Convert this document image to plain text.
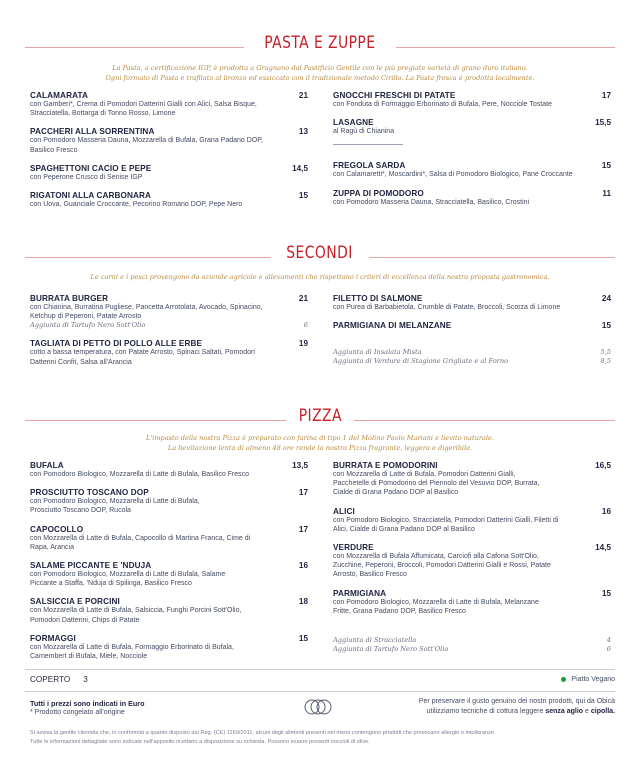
PASTA E ZUPPE
La Pasta, a certificazione IGP, è prodotta a Gragnano dal Pastificio Gentile con le più pregiate varietà di grano duro italiano.
Ogni formato di Pasta è trafilato al bronzo ed essiccato con il tradizionale metodo Cirillo. La Pasta fresca è prodotta localmente.
CALAMARATA	21
con Gamberi*, Crema di Pomodori Datterini Gialli con Alici, Salsa Bisque, Stracciatella, Bottarga di Tonno Rosso, Limone
PACCHERI ALLA SORRENTINA	13
con Pomodoro Masseria Dauna, Mozzarella di Bufala, Grana Padano DOP, Basilico Fresco
SPAGHETTONI CACIO E PEPE	14,5
con Peperone Crusco di Senise IGP
RIGATONI ALLA CARBONARA	15
con Uova, Guanciale Croccante, Pecorino Romano DOP, Pepe Nero
GNOCCHI FRESCHI DI PATATE	17
con Fonduta di Formaggio Erborinato di Bufala, Pere, Nocciole Tostate
LASAGNE	15,5
al Ragù di Chianina
FREGOLA SARDA	15
con Calamaretti*, Moscardini*, Salsa di Pomodoro Biologico, Pane Croccante
ZUPPA DI POMODORO	11
con Pomodoro Masseria Dauna, Stracciatella, Basilico, Crostini
SECONDI
Le carni e i pesci provengono da aziende agricole e allevamenti che rispettano i criteri di eccellenza della nostra proposta gastronomica.
BURRATA BURGER	21
con Chianina, Burratina Pugliese, Pancetta Arrotolata, Avocado, Spinacino, Ketchup di Peperoni, Patate Arrosto
Aggiunta di Tartufo Nero Sott'Olio	6
TAGLIATA DI PETTO DI POLLO ALLE ERBE	19
cotto a bassa temperatura, con Patate Arrosto, Spinaci Saltati, Pomodori Datterini Confit, Salsa all'Arancia
FILETTO DI SALMONE	24
con Purea di Barbabietola, Crumble di Patate, Broccoli, Scorza di Limone
PARMIGIANA DI MELANZANE	15
Aggiunta di Insalata Mista	5,5
Aggiunta di Verdure di Stagione Grigliate e al Forno	8,5
PIZZA
L'impasto della nostra Pizza è preparato con farina di tipo 1 del Molino Paolo Mariani e lievito naturale.
La lievitazione lenta di almeno 48 ore rende la nostra Pizza fragrante, leggera e digeribile.
BUFALA	13,5
con Pomodoro Biologico, Mozzarella di Latte di Bufala, Basilico Fresco
PROSCIUTTO TOSCANO DOP	17
con Pomodoro Biologico, Mozzarella di Latte di Bufala, Prosciutto Toscano DOP, Rucola
CAPOCOLLO	17
con Mozzarella di Latte di Bufala, Capocollo di Martina Franca, Cime di Rapa, Arancia
SALAME PICCANTE E 'NDUJA	16
con Pomodoro Biologico, Mozzarella di Latte di Bufala, Salame Piccante a Staffa, 'Nduja di Spilinga, Basilico Fresco
SALSICCIA E PORCINI	18
con Mozzarella di Latte di Bufala, Salsiccia, Funghi Porcini Sott'Olio, Pomodori Datterini, Chips di Patate
FORMAGGI	15
con Mozzarella di Latte di Bufala, Formaggio Erborinato di Bufala, Camembert di Bufala, Miele, Nocciole
BURRATA E POMODORINI	16,5
con Mozzarella di Latte di Bufala, Pomodori Datterini Gialli, Pacchetelle di Pomodorino del Piennolo del Vesuvio DOP, Burrata, Cialde di Grana Padano DOP al Basilico
ALICI	16
con Pomodoro Biologico, Stracciatella, Pomodori Datterini Gialli, Filetti di Alici, Cialde di Grana Padano DOP al Basilico
VERDURE	14,5
con Mozzarella di Bufala Affumicata, Carciofi alla Cafona Sott'Olio, Zucchine, Peperoni, Broccoli, Pomodori Datterini Gialli e Rossi, Patate Arrosto, Basilico Fresco
PARMIGIANA	15
con Pomodoro Biologico, Mozzarella di Latte di Bufala, Melanzane Fritte, Grana Padano DOP, Basilico Fresco
Aggiunta di Stracciatella	4
Aggiunta di Tartufo Nero Sott'Olio	6
COPERTO 3	Piatto Vegano
Tutti i prezzi sono indicati in Euro
* Prodotto congelato all'origine
Per preservare il gusto genuino dei nostri prodotti, qui da Obicà
utilizziamo tecniche di cottura leggere senza aglio e cipolla.
Si avvisa la gentile clientela che, in conformità a quanto disposto dal Reg. (CE) 1169/2011, alcuni degli alimenti presenti nel menù contengono prodotti che provocano allergie o intolleranze.
Tutte le informazioni dettagliate sono indicate nell'apposito ricettario a disposizione su richiesta. Possono essere presenti noccioli di olive.
